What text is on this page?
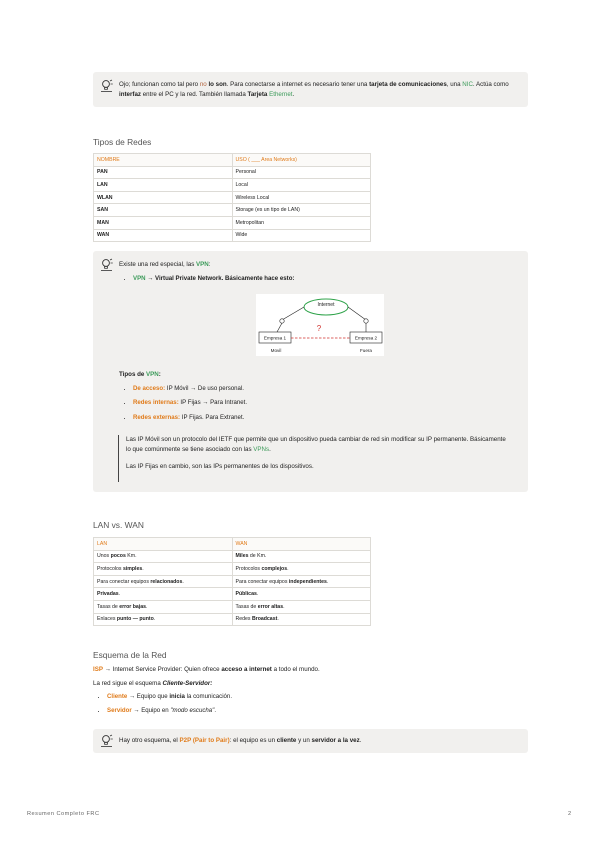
Ojo; funcionan como tal pero no lo son. Para conectarse a internet es necesario tener una tarjeta de comunicaciones, una NIC. Actúa como interfaz entre el PC y la red. También llamada Tarjeta Ethernet.
Tipos de Redes
NOMBRE	USO ( ___ Area Networks)
PAN	Personal
LAN	Local
WLAN	Wireless Local
SAN	Storage (es un tipo de LAN)
MAN	Metropolitan
WAN	Wide
Existe una red especial, las VPN:
• VPN → Virtual Private Network. Básicamente hace esto:
Internet
Empresa 1	Empresa 2
?
Movil	Fuera
Tipos de VPN:
• De acceso: IP Móvil → De uso personal.
• Redes internas: IP Fijas → Para Intranet.
• Redes externas: IP Fijas. Para Extranet.
Las IP Móvil son un protocolo del IETF que permite que un dispositivo pueda cambiar de red sin modificar su IP permanente. Básicamente lo que comúnmente se tiene asociado con las VPNs.
Las IP Fijas en cambio, son las IPs permanentes de los dispositivos.
LAN vs. WAN
LAN	WAN
Unos pocos Km.	Miles de Km.
Protocolos simples.	Protocolos complejos.
Para conectar equipos relacionados.	Para conectar equipos independientes.
Privadas.	Públicas.
Tasas de error bajas.	Tasas de error altas.
Enlaces punto — punto.	Redes Broadcast.
Esquema de la Red
ISP → Internet Service Provider: Quien ofrece acceso a internet a todo el mundo.
La red sigue el esquema Cliente-Servidor:
• Cliente → Equipo que inicia la comunicación.
• Servidor → Equipo en "modo escucha".
Hay otro esquema, el P2P (Pair to Pair): el equipo es un cliente y un servidor a la vez.
Resumen Completo FRC	2
